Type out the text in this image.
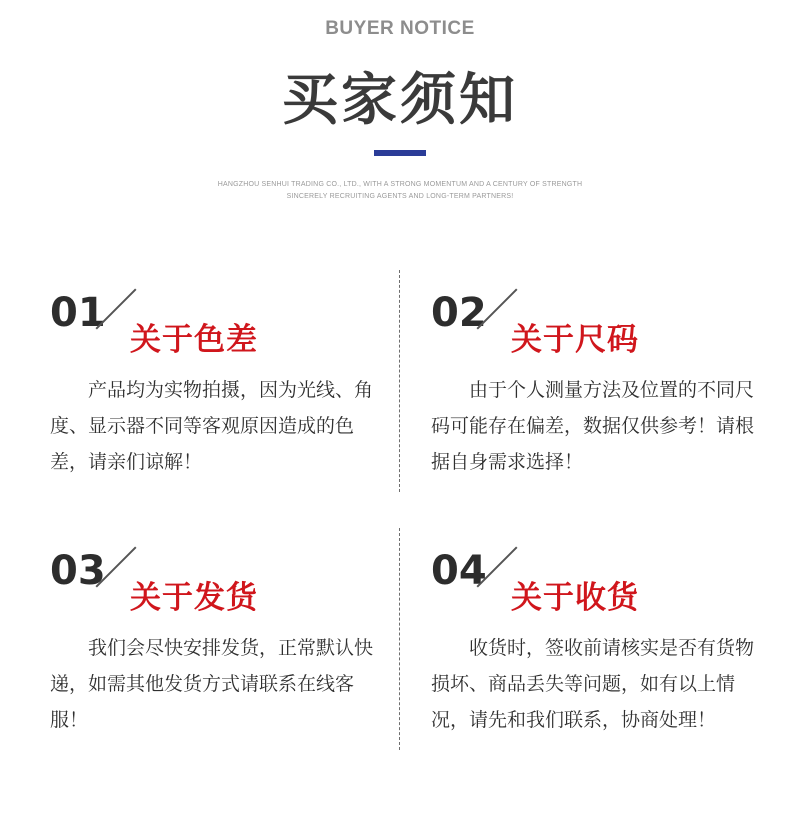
BUYER NOTICE
买家须知
HANGZHOU SENHUI TRADING CO., LTD., WITH A STRONG MOMENTUM AND A CENTURY OF STRENGTH
SINCERELY RECRUITING AGENTS AND LONG-TERM PARTNERS!
01
关于色差
产品均为实物拍摄，因为光线、角度、显示器不同等客观原因造成的色差，请亲们谅解！
02
关于尺码
由于个人测量方法及位置的不同尺码可能存在偏差，数据仅供参考！请根据自身需求选择！
03
关于发货
我们会尽快安排发货，正常默认快递，如需其他发货方式请联系在线客服！
04
关于收货
收货时，签收前请核实是否有货物损坏、商品丢失等问题，如有以上情况，请先和我们联系，协商处理！
